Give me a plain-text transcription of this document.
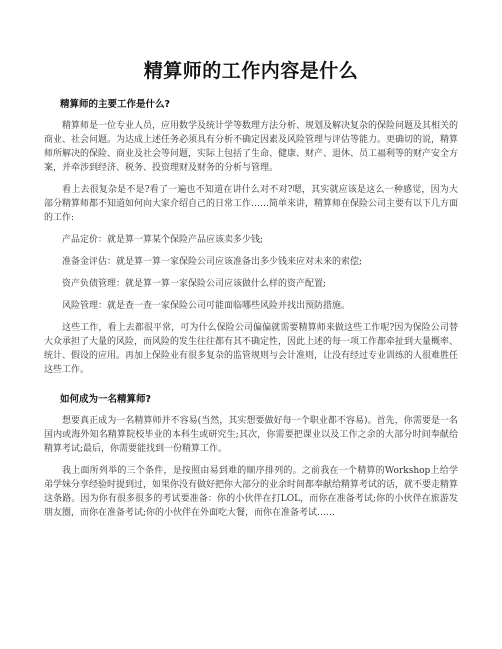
精算师的工作内容是什么
精算师的主要工作是什么?

精算师是一位专业人员，应用数学及统计学等数理方法分析、规划及解决复杂的保险问题及其相关的商业、社会问题。为达成上述任务必须具有分析不确定因素及风险管理与评估等能力。更确切的说，精算师所解决的保险、商业及社会等问题，实际上包括了生命、健康、财产、退休、员工福利等的财产安全方案，并牵涉到经济、税务、投资理财及财务的分析与管理。

看上去很复杂是不是?看了一遍也不知道在讲什么对不对?嗯，其实就应该是这么一种感觉，因为大部分精算师都不知道如何向大家介绍自己的日常工作……简单来讲，精算师在保险公司主要有以下几方面的工作:

产品定价：就是算一算某个保险产品应该卖多少钱;

准备金评估：就是算一算一家保险公司应该准备出多少钱来应对未来的索偿;

资产负债管理：就是算一算一家保险公司应该做什么样的资产配置;

风险管理：就是查一查一家保险公司可能面临哪些风险并找出预防措施。

这些工作，看上去都很平常，可为什么保险公司偏偏就需要精算师来做这些工作呢?因为保险公司替大众承担了大量的风险，而风险的发生往往都有其不确定性，因此上述的每一项工作都牵扯到大量概率、统计、假设的应用。再加上保险业有很多复杂的监管规则与会计准则，让没有经过专业训练的人很难胜任这些工作。

如何成为一名精算师?

想要真正成为一名精算师并不容易(当然，其实想要做好每一个职业都不容易)。首先，你需要是一名国内或海外知名精算院校毕业的本科生或研究生;其次，你需要把课业以及工作之余的大部分时间奉献给精算考试;最后，你需要能找到一份精算工作。

我上面所列举的三个条件，是按照由易到难的顺序排列的。之前我在一个精算的Workshop上给学弟学妹分享经验时提到过，如果你没有做好把你大部分的业余时间都奉献给精算考试的话，就不要走精算这条路。因为你有很多很多的考试要准备：你的小伙伴在打LOL，而你在准备考试;你的小伙伴在旅游发朋友圈，而你在准备考试;你的小伙伴在外面吃大餐，而你在准备考试……
